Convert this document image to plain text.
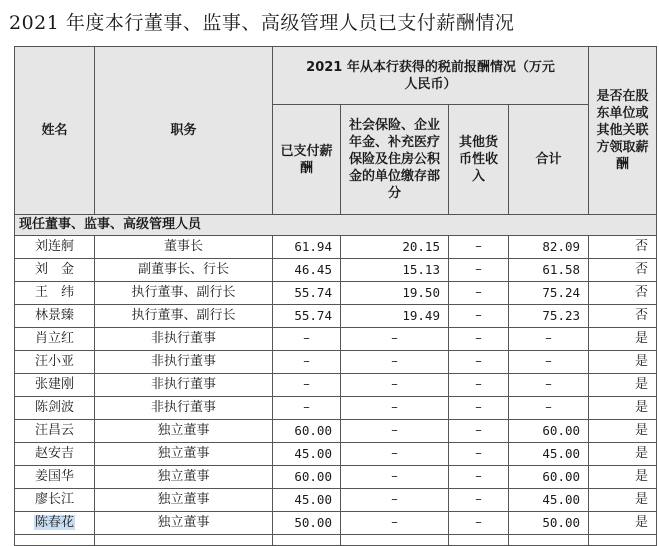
2021 年度本行董事、监事、高级管理人员已支付薪酬情况
姓名	职务	2021 年从本行获得的税前报酬情况（万元人民币）				是否在股东单位或其他关联方领取薪酬
		已支付薪酬	社会保险、企业年金、补充医疗保险及住房公积金的单位缴存部分	其他货币性收入	合计	
现任董事、监事、高级管理人员						
刘连舸	董事长	61.94	20.15	–	82.09	否
刘　金	副董事长、行长	46.45	15.13	–	61.58	否
王　纬	执行董事、副行长	55.74	19.50	–	75.24	否
林景臻	执行董事、副行长	55.74	19.49	–	75.23	否
肖立红	非执行董事	–	–	–	–	是
汪小亚	非执行董事	–	–	–	–	是
张建刚	非执行董事	–	–	–	–	是
陈剑波	非执行董事	–	–	–	–	是
汪昌云	独立董事	60.00	–	–	60.00	是
赵安吉	独立董事	45.00	–	–	45.00	是
姜国华	独立董事	60.00	–	–	60.00	是
廖长江	独立董事	45.00	–	–	45.00	是
陈春花	独立董事	50.00	–	–	50.00	是
